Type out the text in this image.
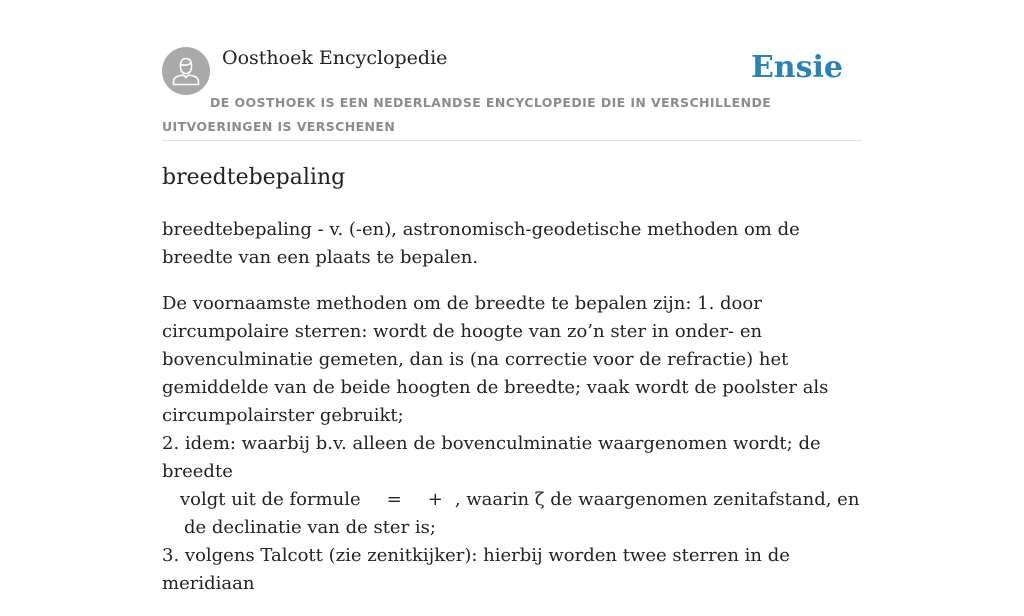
Oosthoek Encyclopedie	Ensie
DE OOSTHOEK IS EEN NEDERLANDSE ENCYCLOPEDIE DIE IN VERSCHILLENDE UITVOERINGEN IS VERSCHENEN
breedtebepaling

breedtebepaling - v. (-en), astronomisch-geodetische methoden om de breedte van een plaats te bepalen.

De voornaamste methoden om de breedte te bepalen zijn: 1. door circumpolaire sterren: wordt de hoogte van zo’n ster in onder- en bovenculminatie gemeten, dan is (na correctie voor de refractie) het gemiddelde van de beide hoogten de breedte; vaak wordt de poolster als circumpolairster gebruikt;
2. idem: waarbij b.v. alleen de bovenculminatie waargenomen wordt; de breedte
volgt uit de formule = + , waarin ζ de waargenomen zenitafstand, ende declinatie van de ster is;
3. volgens Talcott (zie zenitkijker): hierbij worden twee sterren in de meridiaan
